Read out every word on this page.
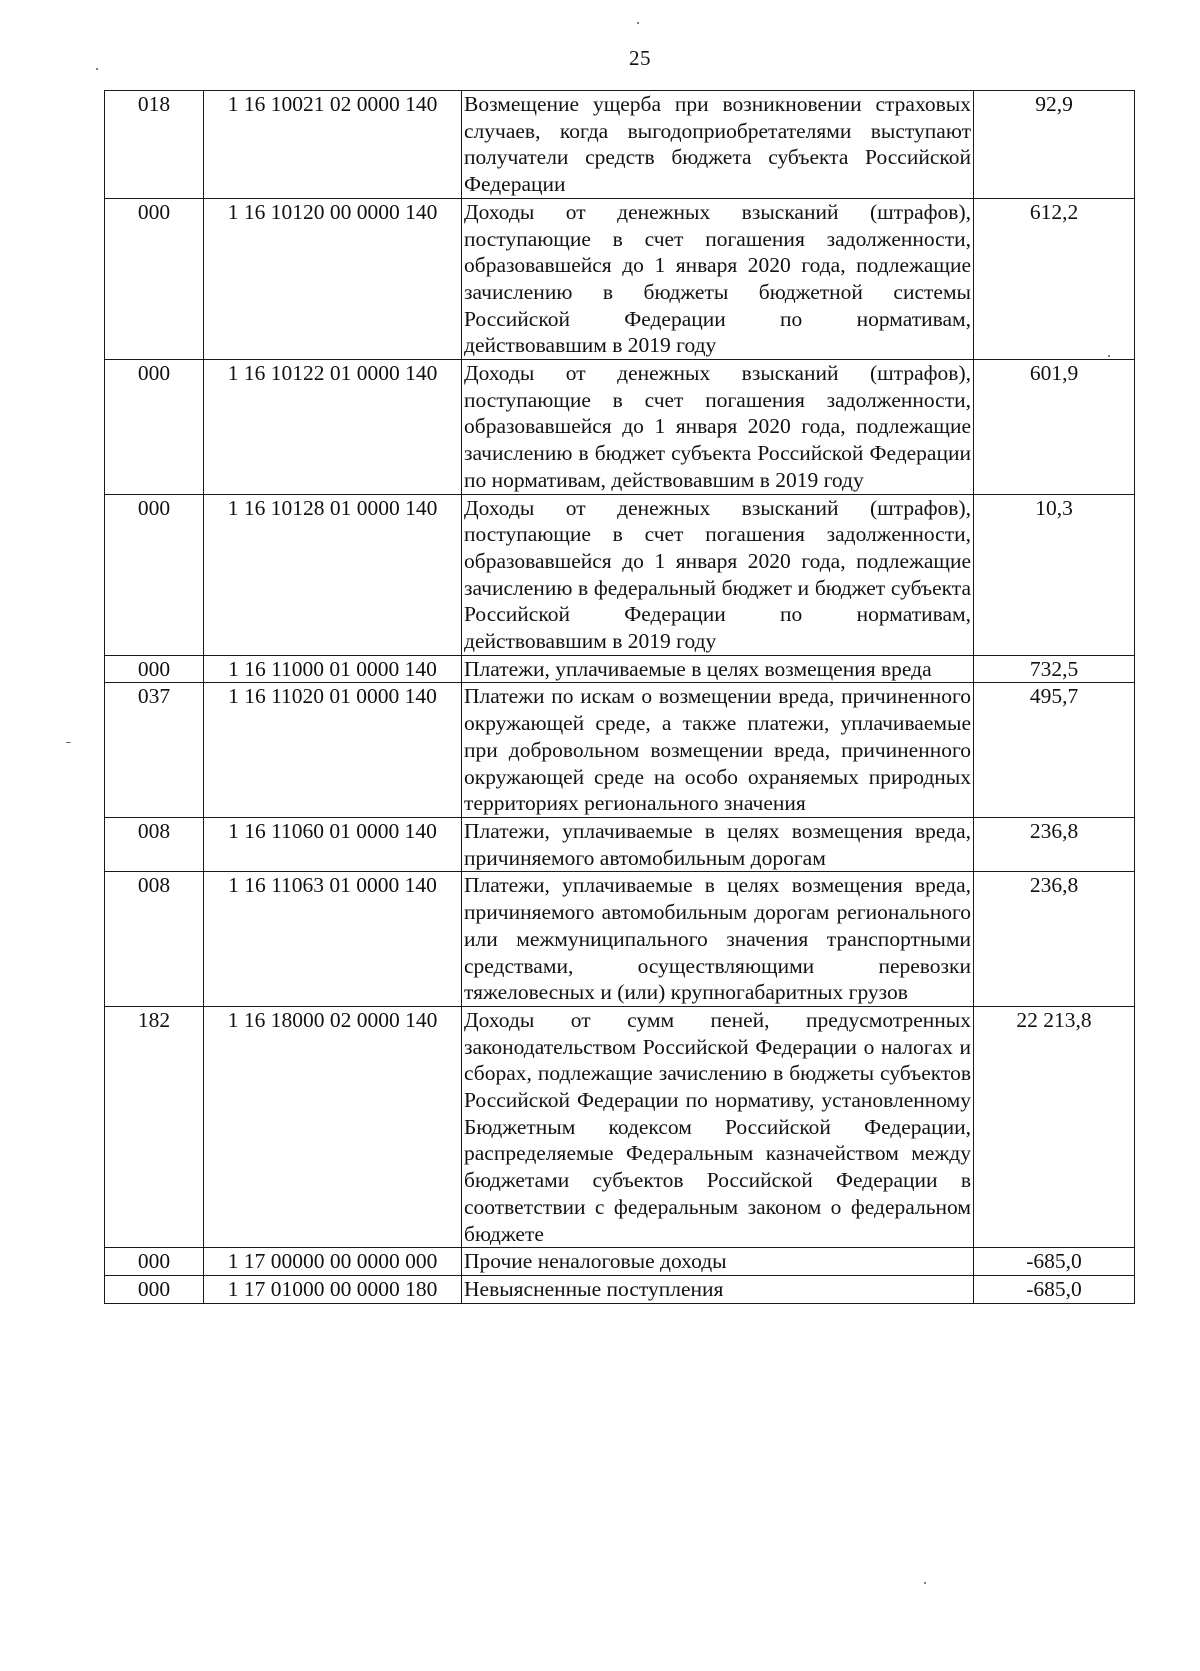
25
018	1 16 10021 02 0000 140	Возмещение ущерба при возникновении страховых случаев, когда выгодоприобретателями выступают получатели средств бюджета субъекта Российской Федерации	92,9
000	1 16 10120 00 0000 140	Доходы от денежных взысканий (штрафов), поступающие в счет погашения задолженности, образовавшейся до 1 января 2020 года, подлежащие зачислению в бюджеты бюджетной системы Российской Федерации по нормативам, действовавшим в 2019 году	612,2
000	1 16 10122 01 0000 140	Доходы от денежных взысканий (штрафов), поступающие в счет погашения задолженности, образовавшейся до 1 января 2020 года, подлежащие зачислению в бюджет субъекта Российской Федерации по нормативам, действовавшим в 2019 году	601,9
000	1 16 10128 01 0000 140	Доходы от денежных взысканий (штрафов), поступающие в счет погашения задолженности, образовавшейся до 1 января 2020 года, подлежащие зачислению в федеральный бюджет и бюджет субъекта Российской Федерации по нормативам, действовавшим в 2019 году	10,3
000	1 16 11000 01 0000 140	Платежи, уплачиваемые в целях возмещения вреда	732,5
037	1 16 11020 01 0000 140	Платежи по искам о возмещении вреда, причиненного окружающей среде, а также платежи, уплачиваемые при добровольном возмещении вреда, причиненного окружающей среде на особо охраняемых природных территориях регионального значения	495,7
008	1 16 11060 01 0000 140	Платежи, уплачиваемые в целях возмещения вреда, причиняемого автомобильным дорогам	236,8
008	1 16 11063 01 0000 140	Платежи, уплачиваемые в целях возмещения вреда, причиняемого автомобильным дорогам регионального или межмуниципального значения транспортными средствами, осуществляющими перевозки тяжеловесных и (или) крупногабаритных грузов	236,8
182	1 16 18000 02 0000 140	Доходы от сумм пеней, предусмотренных законодательством Российской Федерации о налогах и сборах, подлежащие зачислению в бюджеты субъектов Российской Федерации по нормативу, установленному Бюджетным кодексом Российской Федерации, распределяемые Федеральным казначейством между бюджетами субъектов Российской Федерации в соответствии с федеральным законом о федеральном бюджете	22 213,8
000	1 17 00000 00 0000 000	Прочие неналоговые доходы	-685,0
000	1 17 01000 00 0000 180	Невыясненные поступления	-685,0
